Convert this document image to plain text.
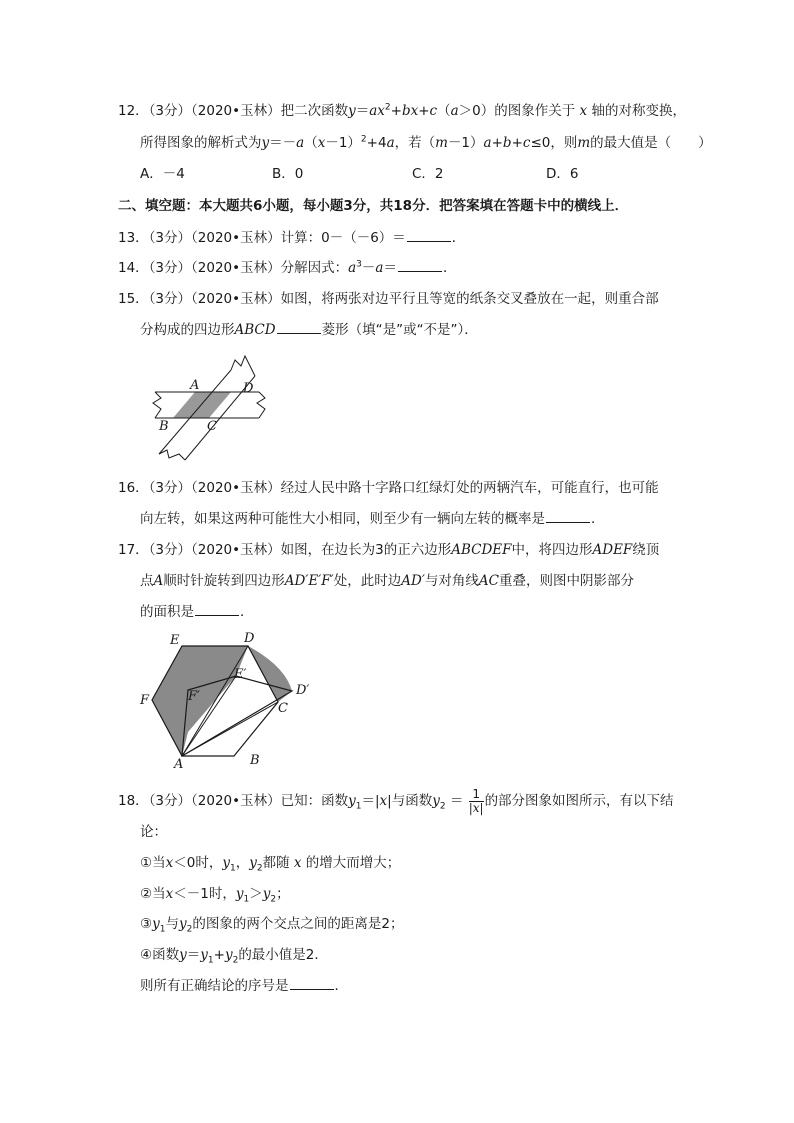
12．（3分）（2020•玉林）把二次函数$y=ax^2+bx+c(a>0)$的图象作关于 x 轴的对称变换，
所得图象的解析式为$y=-a(x-1)^2+4a$，若（m－1）a+b+c≤0，则m的最大值是（　　）
A．－4	B．0	C．2	D．6
二、填空题：本大题共6小题，每小题3分，共18分．把答案填在答题卡中的横线上．
13．（3分）（2020•玉林）计算：0－（－6）＝	．
14．（3分）（2020•玉林）分解因式：$a^3-a=$	．
15．（3分）（2020•玉林）如图，将两张对边平行且等宽的纸条交叉叠放在一起，则重合部
分构成的四边形ABCD	菱形（填“是”或“不是”）．
A	D
B	C
16．（3分）（2020•玉林）经过人民中路十字路口红绿灯处的两辆汽车，可能直行，也可能
向左转，如果这两种可能性大小相同，则至少有一辆向左转的概率是	．
17．（3分）（2020•玉林）如图，在边长为3的正六边形ABCDEF中，将四边形ADEF绕顶
点A顺时针旋转到四边形AD′E′F′处，此时边AD′与对角线AC重叠，则图中阴影部分
的面积是	．
E	D
F	F′
E′
C
D′
A	B
18．（3分）（2020•玉林）已知：函数$y_1=|x|$与函数$y_2 = \frac{1}{|x|}$ 的部分图象如图所示，有以下结
论：
①当x＜0时，$y_1$，$y_2$都随 x 的增大而增大；
②当x＜－1时，$y_1>y_2$；
$③y_1$与$y_2$的图象的两个交点之间的距离是2；
④函数$y=y_1+y_2$的最小值是2．
则所有正确结论的序号是	．
